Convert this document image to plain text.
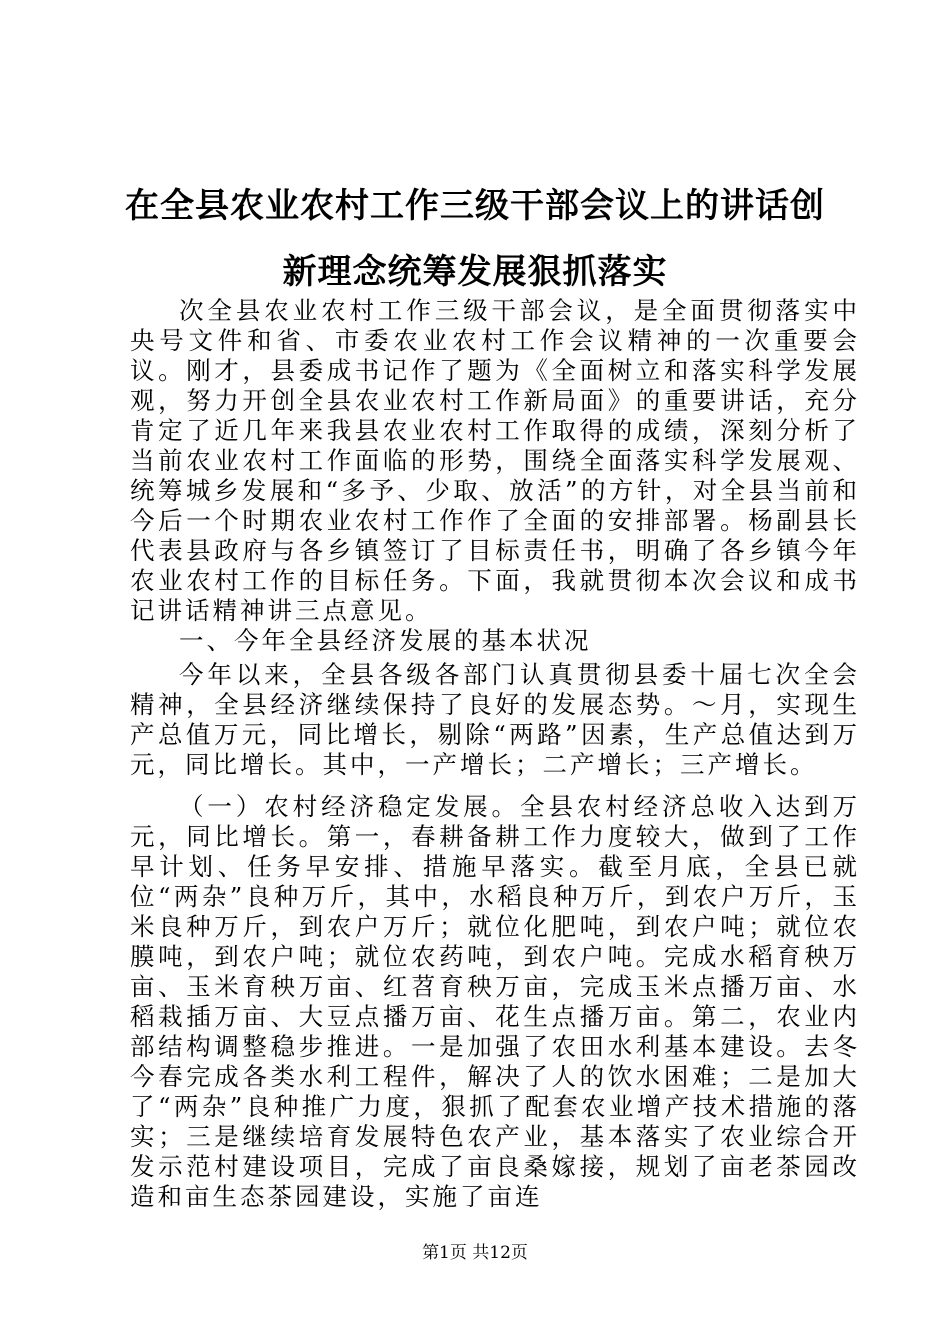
在全县农业农村工作三级干部会议上的讲话创
新理念统筹发展狠抓落实
次全县农业农村工作三级干部会议，是全面贯彻落实中央号文件和省、市委农业农村工作会议精神的一次重要会议。刚才，县委成书记作了题为《全面树立和落实科学发展观，努力开创全县农业农村工作新局面》的重要讲话，充分肯定了近几年来我县农业农村工作取得的成绩，深刻分析了当前农业农村工作面临的形势，围绕全面落实科学发展观、统筹城乡发展和“多予、少取、放活”的方针，对全县当前和今后一个时期农业农村工作作了全面的安排部署。杨副县长代表县政府与各乡镇签订了目标责任书，明确了各乡镇今年农业农村工作的目标任务。下面，我就贯彻本次会议和成书记讲话精神讲三点意见。
一、今年全县经济发展的基本状况
今年以来，全县各级各部门认真贯彻县委十届七次全会精神，全县经济继续保持了良好的发展态势。～月，实现生产总值万元，同比增长，剔除“两路”因素，生产总值达到万元，同比增长。其中，一产增长；二产增长；三产增长。
（一）农村经济稳定发展。全县农村经济总收入达到万元，同比增长。第一，春耕备耕工作力度较大，做到了工作早计划、任务早安排、措施早落实。截至月底，全县已就位“两杂”良种万斤，其中，水稻良种万斤，到农户万斤，玉米良种万斤，到农户万斤；就位化肥吨，到农户吨；就位农膜吨，到农户吨；就位农药吨，到农户吨。完成水稻育秧万亩、玉米育秧万亩、红苕育秧万亩，完成玉米点播万亩、水稻栽插万亩、大豆点播万亩、花生点播万亩。第二，农业内部结构调整稳步推进。一是加强了农田水利基本建设。去冬今春完成各类水利工程件，解决了人的饮水困难；二是加大了“两杂”良种推广力度，狠抓了配套农业增产技术措施的落实；三是继续培育发展特色农产业，基本落实了农业综合开发示范村建设项目，完成了亩良桑嫁接，规划了亩老茶园改造和亩生态茶园建设，实施了亩连
第1页 共12页
